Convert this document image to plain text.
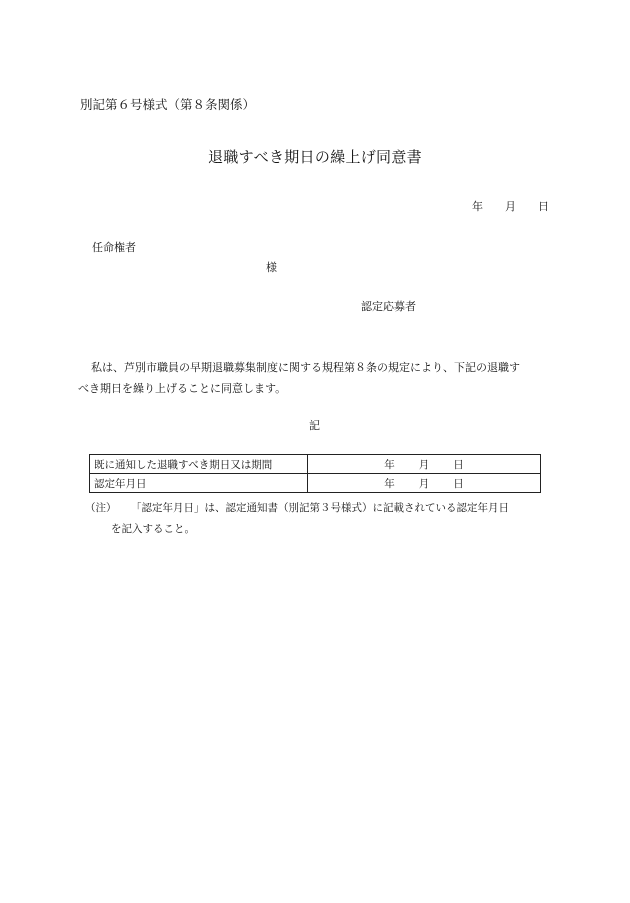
別記第６号様式（第８条関係）
退職すべき期日の繰上げ同意書
年 月 日
任命権者
様
認定応募者
私は、芦別市職員の早期退職募集制度に関する規程第８条の規定により、下記の退職す
べき期日を繰り上げることに同意します。
記
既に通知した退職すべき期日又は期間	年 月 日
認定年月日	年 月 日
（注） 「認定年月日」は、認定通知書（別記第３号様式）に記載されている認定年月日
を記入すること。
